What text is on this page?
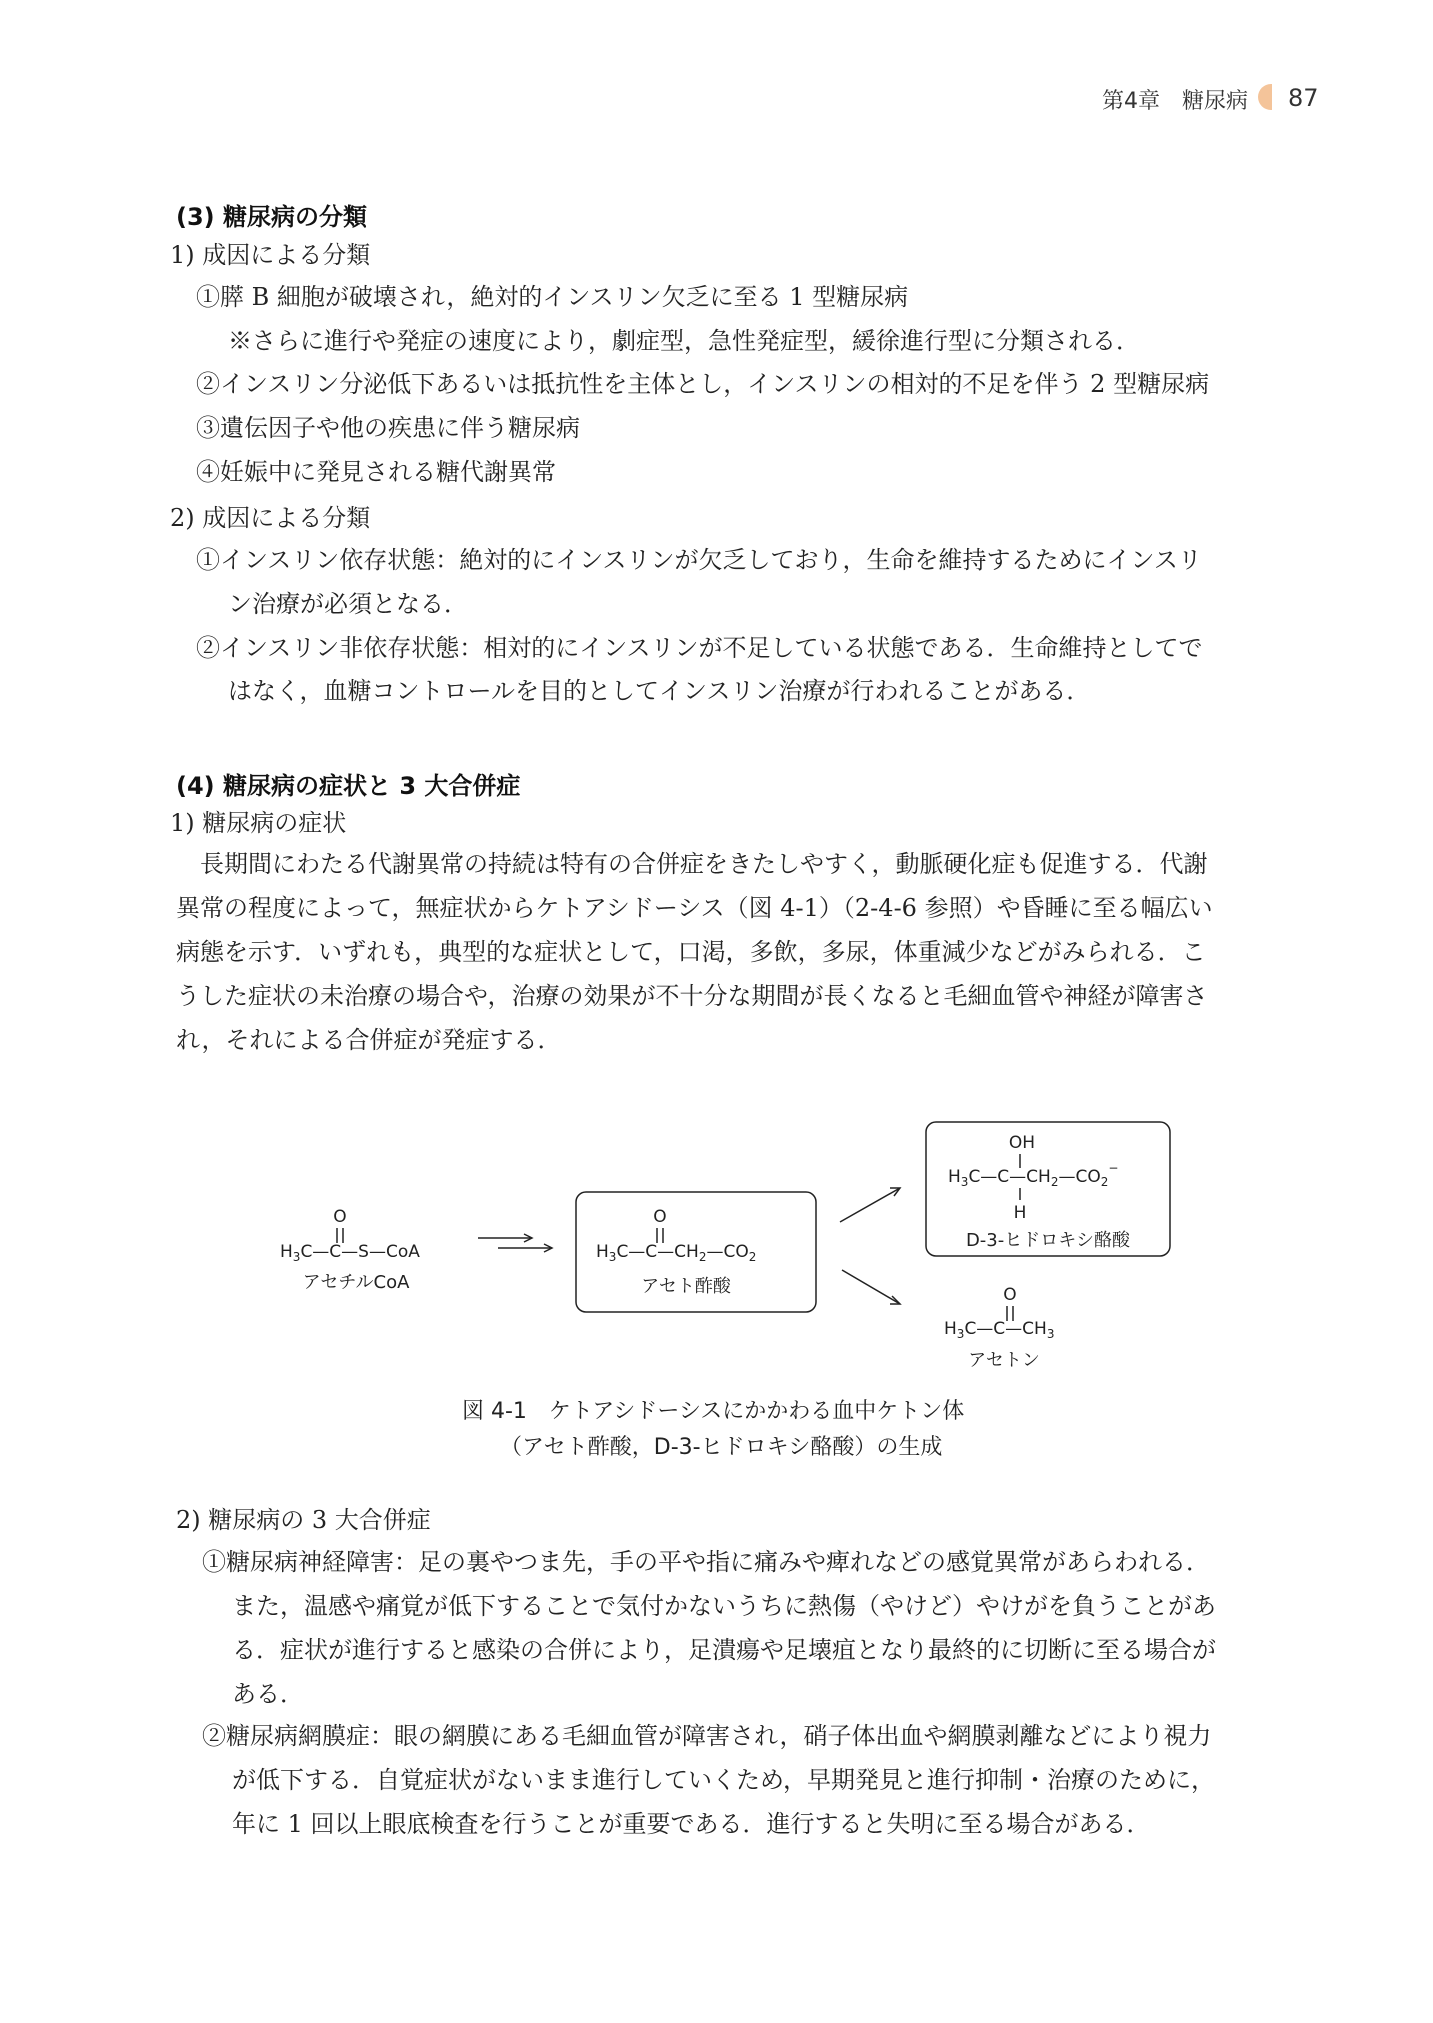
第4章　糖尿病 87
(3) 糖尿病の分類
1) 成因による分類
①膵 B 細胞が破壊され，絶対的インスリン欠乏に至る 1 型糖尿病
※さらに進行や発症の速度により，劇症型，急性発症型，緩徐進行型に分類される．
②インスリン分泌低下あるいは抵抗性を主体とし，インスリンの相対的不足を伴う 2 型糖尿病
③遺伝因子や他の疾患に伴う糖尿病
④妊娠中に発見される糖代謝異常
2) 成因による分類
①インスリン依存状態：絶対的にインスリンが欠乏しており，生命を維持するためにインスリ
ン治療が必須となる．
②インスリン非依存状態：相対的にインスリンが不足している状態である．生命維持としてで
はなく，血糖コントロールを目的としてインスリン治療が行われることがある．
(4) 糖尿病の症状と 3 大合併症
1) 糖尿病の症状
長期間にわたる代謝異常の持続は特有の合併症をきたしやすく，動脈硬化症も促進する．代謝
異常の程度によって，無症状からケトアシドーシス（図 4-1）（2-4-6 参照）や昏睡に至る幅広い
病態を示す．いずれも，典型的な症状として，口渇，多飲，多尿，体重減少などがみられる．こ
うした症状の未治療の場合や，治療の効果が不十分な期間が長くなると毛細血管や神経が障害さ
れ，それによる合併症が発症する．
O
$H_3C—C—S—CoA$
アセチルCoA
O
$H_3C—C—CH_2—CO_2$
アセト酢酸
OH
$H_3C—C—CH_2—CO_2^-$
H
D-3-ヒドロキシ酪酸
O
$H_3C—C—CH_3$
アセトン
図 4-1　ケトアシドーシスにかかわる血中ケトン体
（アセト酢酸，D-3-ヒドロキシ酪酸）の生成
2) 糖尿病の 3 大合併症
①糖尿病神経障害：足の裏やつま先，手の平や指に痛みや痺れなどの感覚異常があらわれる．
また，温感や痛覚が低下することで気付かないうちに熱傷（やけど）やけがを負うことがあ
る．症状が進行すると感染の合併により，足潰瘍や足壊疽となり最終的に切断に至る場合が
ある．
②糖尿病網膜症：眼の網膜にある毛細血管が障害され，硝子体出血や網膜剥離などにより視力
が低下する．自覚症状がないまま進行していくため，早期発見と進行抑制・治療のために，
年に 1 回以上眼底検査を行うことが重要である．進行すると失明に至る場合がある．
